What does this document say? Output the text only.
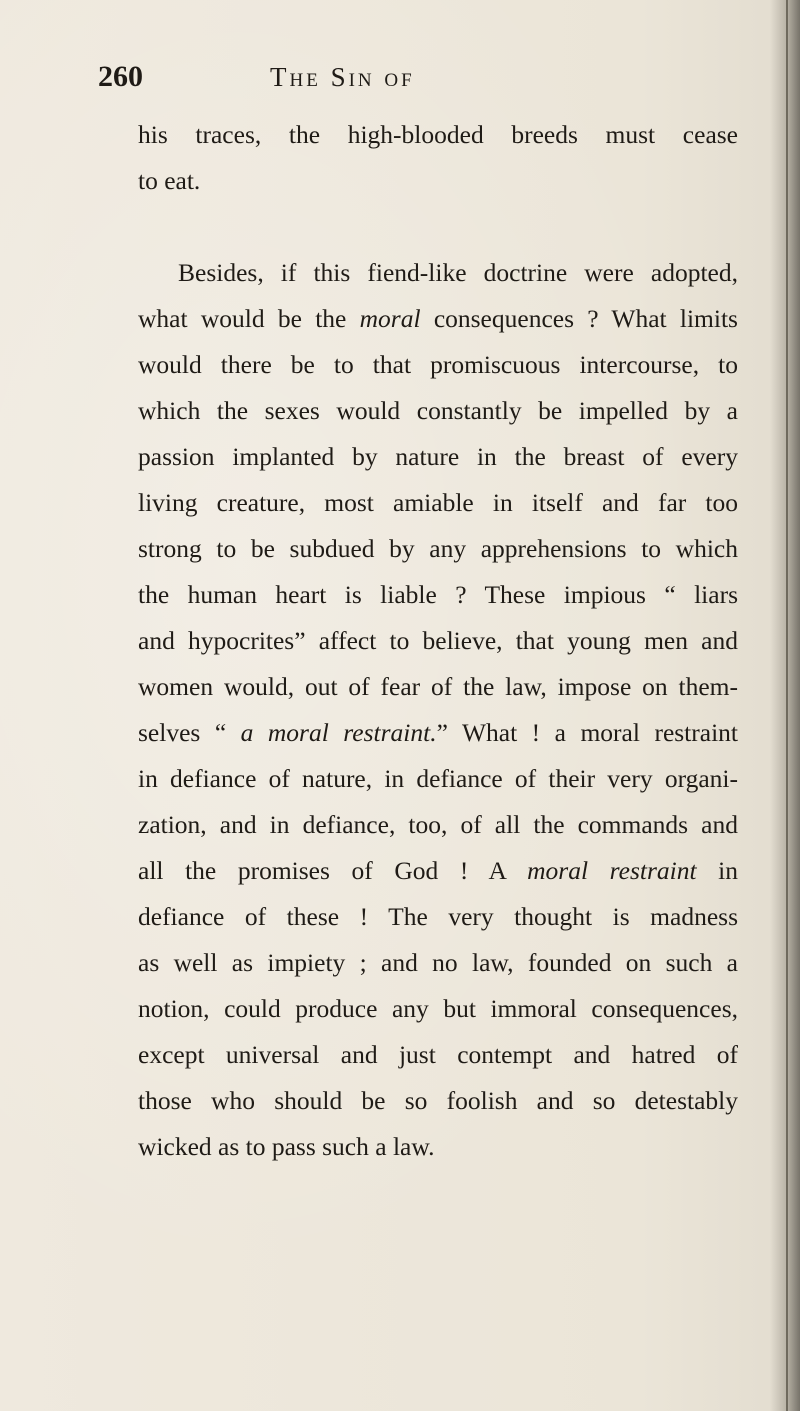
260	The Sin of
his traces, the high-blooded breeds must cease
to eat.
Besides, if this fiend-like doctrine were adopted,
what would be the moral consequences ? What limits
would there be to that promiscuous intercourse, to
which the sexes would constantly be impelled by a
passion implanted by nature in the breast of every
living creature, most amiable in itself and far too
strong to be subdued by any apprehensions to which
the human heart is liable ? These impious “ liars
and hypocrites” affect to believe, that young men and
women would, out of fear of the law, impose on them-
selves “ a moral restraint.” What ! a moral restraint
in defiance of nature, in defiance of their very organi-
zation, and in defiance, too, of all the commands and
all the promises of God ! A moral restraint in
defiance of these ! The very thought is madness
as well as impiety ; and no law, founded on such a
notion, could produce any but immoral consequences,
except universal and just contempt and hatred of
those who should be so foolish and so detestably
wicked as to pass such a law.
